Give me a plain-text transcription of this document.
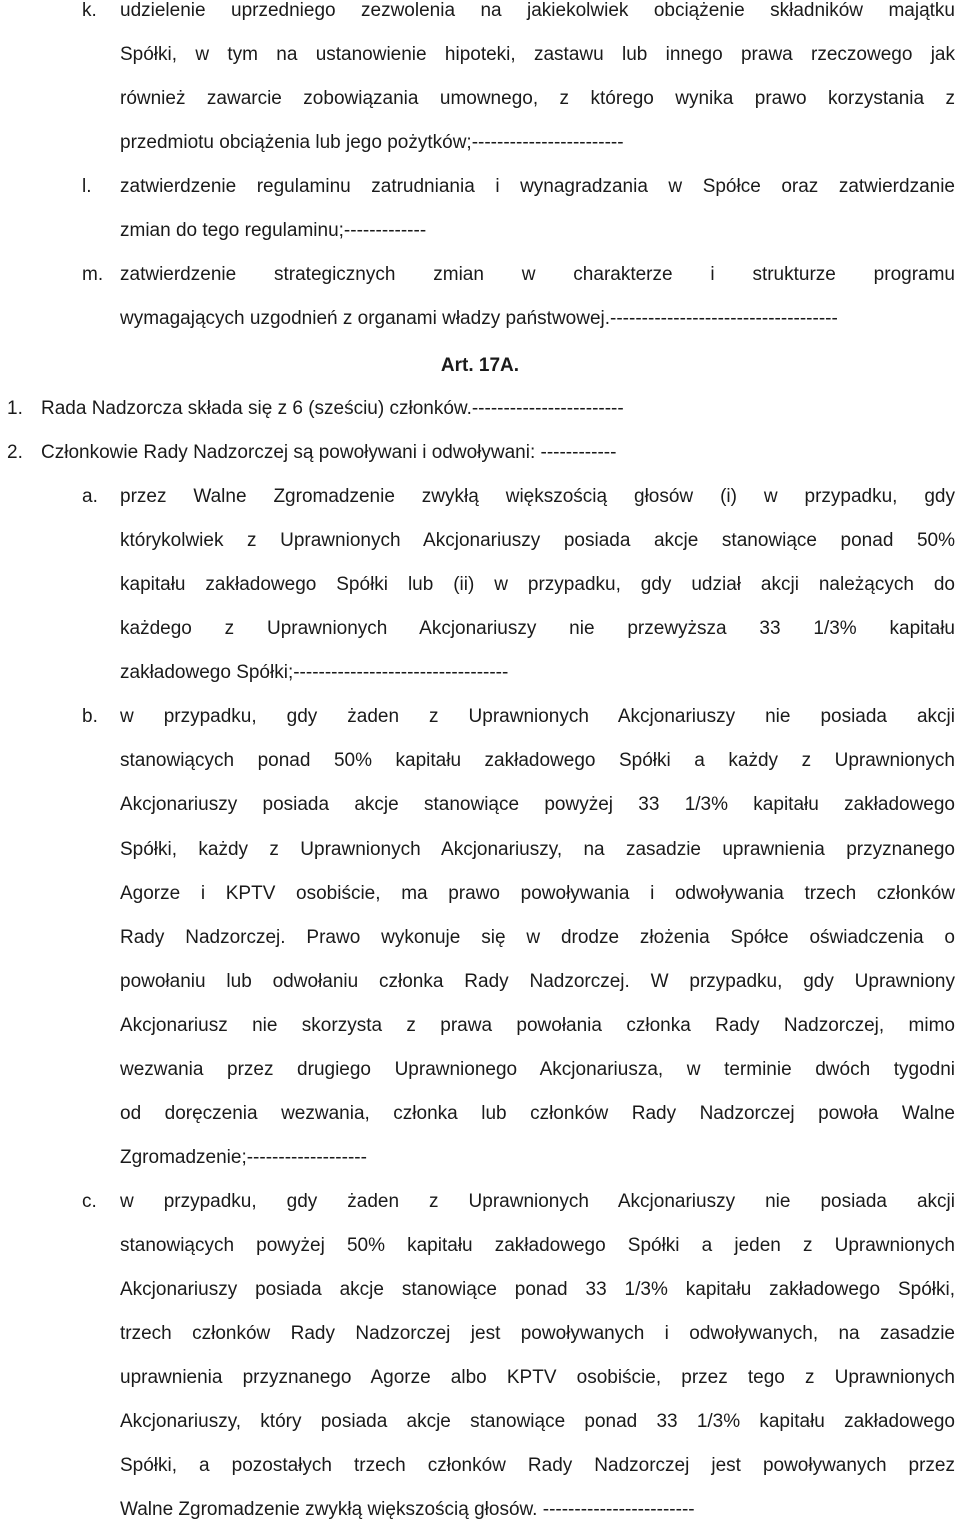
k. udzielenie uprzedniego zezwolenia na jakiekolwiek obciążenie składników majątku
Spółki, w tym na ustanowienie hipoteki, zastawu lub innego prawa rzeczowego jak
również zawarcie zobowiązania umownego, z którego wynika prawo korzystania z
przedmiotu obciążenia lub jego pożytków;------------------------
l. zatwierdzenie regulaminu zatrudniania i wynagradzania w Spółce oraz zatwierdzanie
zmian do tego regulaminu;-------------
m. zatwierdzenie strategicznych zmian w charakterze i strukturze programu
wymagających uzgodnień z organami władzy państwowej.------------------------------------
Art. 17A.
1. Rada Nadzorcza składa się z 6 (sześciu) członków.------------------------
2. Członkowie Rady Nadzorczej są powoływani i odwoływani: ------------
a. przez Walne Zgromadzenie zwykłą większością głosów (i) w przypadku, gdy
którykolwiek z Uprawnionych Akcjonariuszy posiada akcje stanowiące ponad 50%
kapitału zakładowego Spółki lub (ii) w przypadku, gdy udział akcji należących do
każdego z Uprawnionych Akcjonariuszy nie przewyższa 33 1/3% kapitału
zakładowego Spółki;----------------------------------
b. w przypadku, gdy żaden z Uprawnionych Akcjonariuszy nie posiada akcji
stanowiących ponad 50% kapitału zakładowego Spółki a każdy z Uprawnionych
Akcjonariuszy posiada akcje stanowiące powyżej 33 1/3% kapitału zakładowego
Spółki, każdy z Uprawnionych Akcjonariuszy, na zasadzie uprawnienia przyznanego
Agorze i KPTV osobiście, ma prawo powoływania i odwoływania trzech członków
Rady Nadzorczej. Prawo wykonuje się w drodze złożenia Spółce oświadczenia o
powołaniu lub odwołaniu członka Rady Nadzorczej. W przypadku, gdy Uprawniony
Akcjonariusz nie skorzysta z prawa powołania członka Rady Nadzorczej, mimo
wezwania przez drugiego Uprawnionego Akcjonariusza, w terminie dwóch tygodni
od doręczenia wezwania, członka lub członków Rady Nadzorczej powoła Walne
Zgromadzenie;-------------------
c. w przypadku, gdy żaden z Uprawnionych Akcjonariuszy nie posiada akcji
stanowiących powyżej 50% kapitału zakładowego Spółki a jeden z Uprawnionych
Akcjonariuszy posiada akcje stanowiące ponad 33 1/3% kapitału zakładowego Spółki,
trzech członków Rady Nadzorczej jest powoływanych i odwoływanych, na zasadzie
uprawnienia przyznanego Agorze albo KPTV osobiście, przez tego z Uprawnionych
Akcjonariuszy, który posiada akcje stanowiące ponad 33 1/3% kapitału zakładowego
Spółki, a pozostałych trzech członków Rady Nadzorczej jest powoływanych przez
Walne Zgromadzenie zwykłą większością głosów. ------------------------
